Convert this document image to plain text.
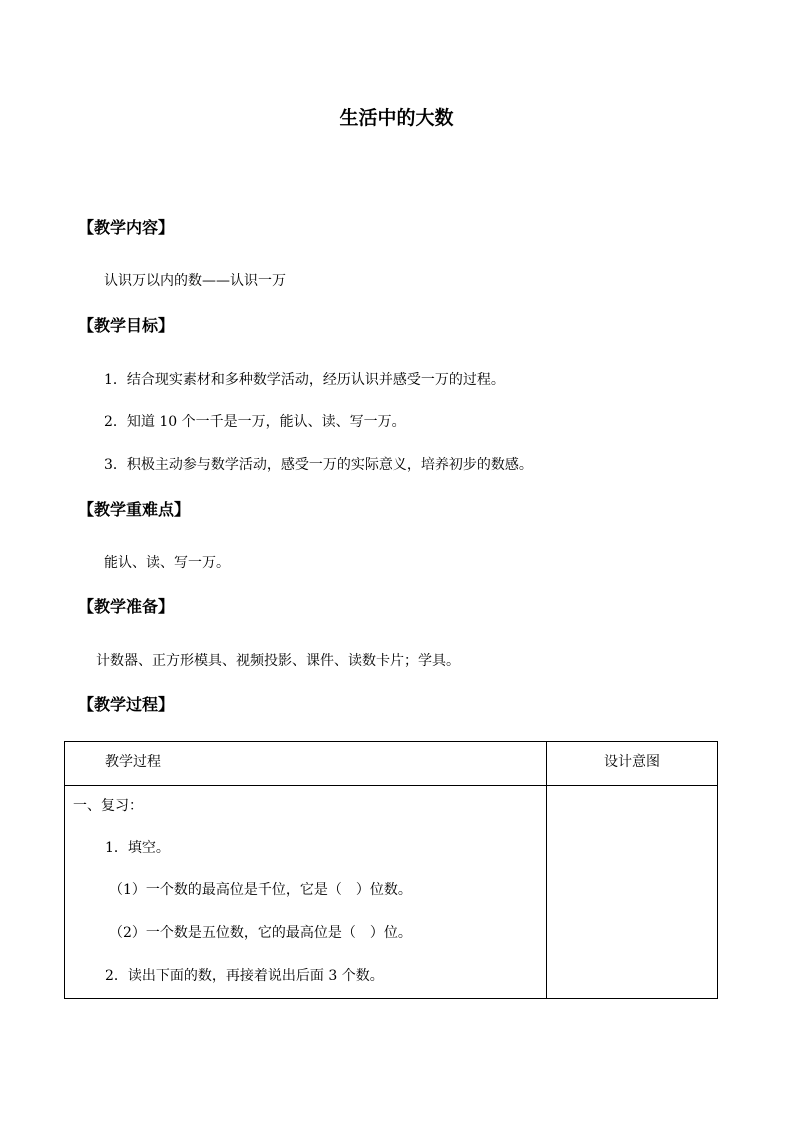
生活中的大数
【教学内容】
认识万以内的数——认识一万
【教学目标】
1．结合现实素材和多种数学活动，经历认识并感受一万的过程。
2．知道 10 个一千是一万，能认、读、写一万。
3．积极主动参与数学活动，感受一万的实际意义，培养初步的数感。
【教学重难点】
能认、读、写一万。
【教学准备】
计数器、正方形模具、视频投影、课件、读数卡片；学具。
【教学过程】
教学过程	设计意图

一、复习：
1．填空。
（1）一个数的最高位是千位，它是（　）位数。
（2）一个数是五位数，它的最高位是（　）位。
2．读出下面的数，再接着说出后面 3 个数。	
